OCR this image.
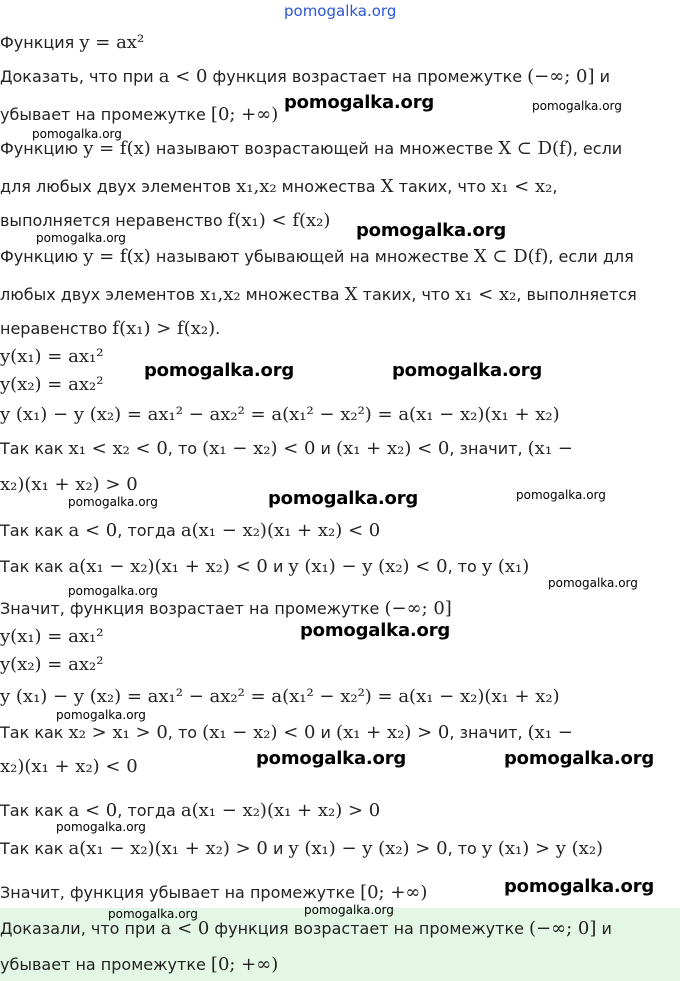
pomogalka.org
Функция y = ax²
Доказать, что при a < 0 функция возрастает на промежутке (−∞; 0] и
убывает на промежутке [0; +∞)
Функцию y = f(x) называют возрастающей на множестве X ⊂ D(f), если
для любых двух элементов x₁,x₂ множества X таких, что x₁ < x₂,
выполняется неравенство f(x₁) < f(x₂)
Функцию y = f(x) называют убывающей на множестве X ⊂ D(f), если для
любых двух элементов x₁,x₂ множества X таких, что x₁ < x₂, выполняется
неравенство f(x₁) > f(x₂).
y(x₁) = ax₁²
y(x₂) = ax₂²
y (x₁) − y (x₂) = ax₁² − ax₂² = a(x₁² − x₂²) = a(x₁ − x₂)(x₁ + x₂)
Так как x₁ < x₂ < 0, то (x₁ − x₂) < 0 и (x₁ + x₂) < 0, значит, (x₁ −
x₂)(x₁ + x₂) > 0
Так как a < 0, тогда a(x₁ − x₂)(x₁ + x₂) < 0
Так как a(x₁ − x₂)(x₁ + x₂) < 0 и y (x₁) − y (x₂) < 0, то y (x₁)
Значит, функция возрастает на промежутке (−∞; 0]
y(x₁) = ax₁²
y(x₂) = ax₂²
y (x₁) − y (x₂) = ax₁² − ax₂² = a(x₁² − x₂²) = a(x₁ − x₂)(x₁ + x₂)
Так как x₂ > x₁ > 0, то (x₁ − x₂) < 0 и (x₁ + x₂) > 0, значит, (x₁ −
x₂)(x₁ + x₂) < 0
Так как a < 0, тогда a(x₁ − x₂)(x₁ + x₂) > 0
Так как a(x₁ − x₂)(x₁ + x₂) > 0 и y (x₁) − y (x₂) > 0, то y (x₁) > y (x₂)
Значит, функция убывает на промежутке [0; +∞)
Доказали, что при a < 0 функция возрастает на промежутке (−∞; 0] и
убывает на промежутке [0; +∞)
pomogalka.org	pomogalka.org
pomogalka.org
pomogalka.org
pomogalka.org
pomogalka.org	pomogalka.org
pomogalka.org
pomogalka.org	pomogalka.org
pomogalka.org
pomogalka.org
pomogalka.org
pomogalka.org
pomogalka.org	pomogalka.org
pomogalka.org
pomogalka.org
pomogalka.org	pomogalka.org
